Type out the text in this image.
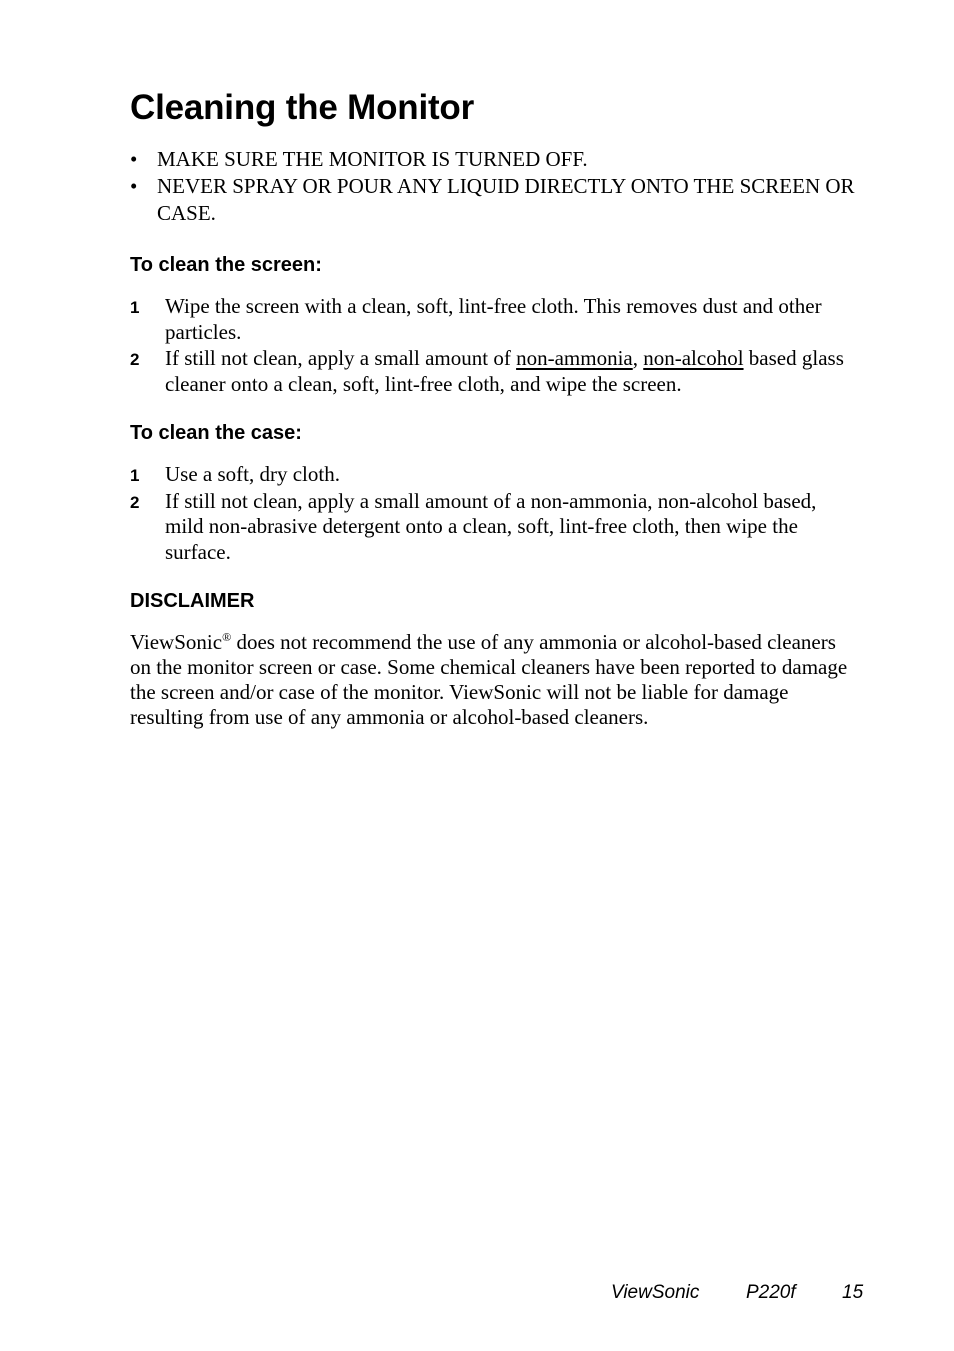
Cleaning the Monitor
• MAKE SURE THE MONITOR IS TURNED OFF.
• NEVER SPRAY OR POUR ANY LIQUID DIRECTLY ONTO THE SCREEN OR CASE.
To clean the screen:
1 Wipe the screen with a clean, soft, lint-free cloth. This removes dust and other particles.
2 If still not clean, apply a small amount of non-ammonia, non-alcohol based glass cleaner onto a clean, soft, lint-free cloth, and wipe the screen.
To clean the case:
1 Use a soft, dry cloth.
2 If still not clean, apply a small amount of a non-ammonia, non-alcohol based, mild non-abrasive detergent onto a clean, soft, lint-free cloth, then wipe the surface.
DISCLAIMER
ViewSonic® does not recommend the use of any ammonia or alcohol-based cleaners on the monitor screen or case. Some chemical cleaners have been reported to damage the screen and/or case of the monitor. ViewSonic will not be liable for damage resulting from use of any ammonia or alcohol-based cleaners.
ViewSonic P220f 15
